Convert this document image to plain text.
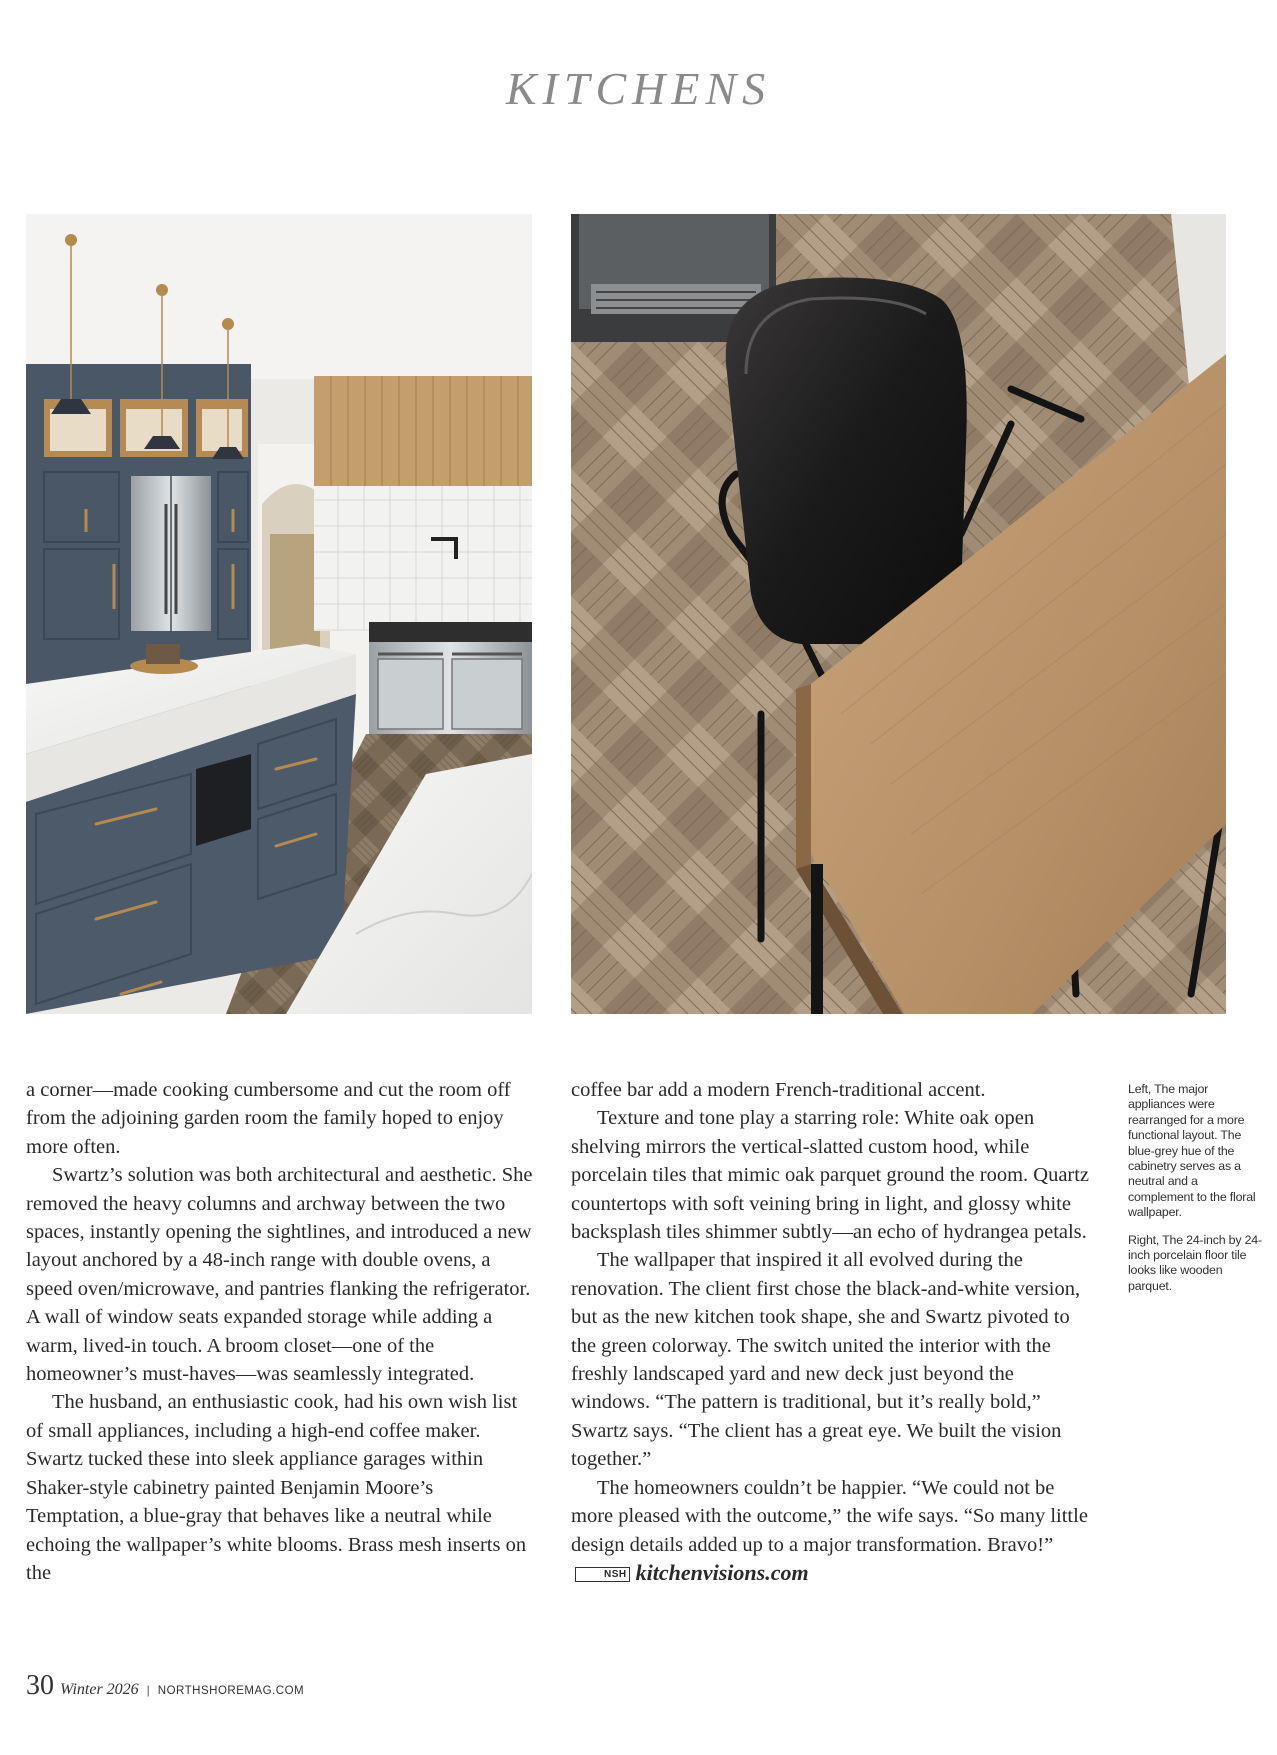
KITCHENS

a corner—made cooking cumbersome and cut the room off from the adjoining garden room the family hoped to enjoy more often.

Swartz’s solution was both architectural and aesthetic. She removed the heavy columns and archway between the two spaces, instantly opening the sightlines, and introduced a new layout anchored by a 48-inch range with double ovens, a speed oven/microwave, and pantries flanking the refrigerator. A wall of window seats expanded storage while adding a warm, lived-in touch. A broom closet—one of the homeowner’s must-haves—was seamlessly integrated.

The husband, an enthusiastic cook, had his own wish list of small appliances, including a high-end coffee maker. Swartz tucked these into sleek appliance garages within Shaker-style cabinetry painted Benjamin Moore’s Temptation, a blue-gray that behaves like a neutral while echoing the wallpaper’s white blooms. Brass mesh inserts on the

coffee bar add a modern French-traditional accent.

Texture and tone play a starring role: White oak open shelving mirrors the vertical-slatted custom hood, while porcelain tiles that mimic oak parquet ground the room. Quartz countertops with soft veining bring in light, and glossy white backsplash tiles shimmer subtly—an echo of hydrangea petals.

The wallpaper that inspired it all evolved during the renovation. The client first chose the black-and-white version, but as the new kitchen took shape, she and Swartz pivoted to the green colorway. The switch united the interior with the freshly landscaped yard and new deck just beyond the windows. “The pattern is traditional, but it’s really bold,” Swartz says. “The client has a great eye. We built the vision together.”

The homeowners couldn’t be happier. “We could not be more pleased with the outcome,” the wife says. “So many little design details added up to a major transformation. Bravo!”NSH kitchenvisions.com

Left, The major appliances were rearranged for a more functional layout. The blue-grey hue of the cabinetry serves as a neutral and a complement to the floral wallpaper.

Right, The 24-inch by 24-inch porcelain floor tile looks like wooden parquet.

30 Winter 2026 | NORTHSHOREMAG.COM
